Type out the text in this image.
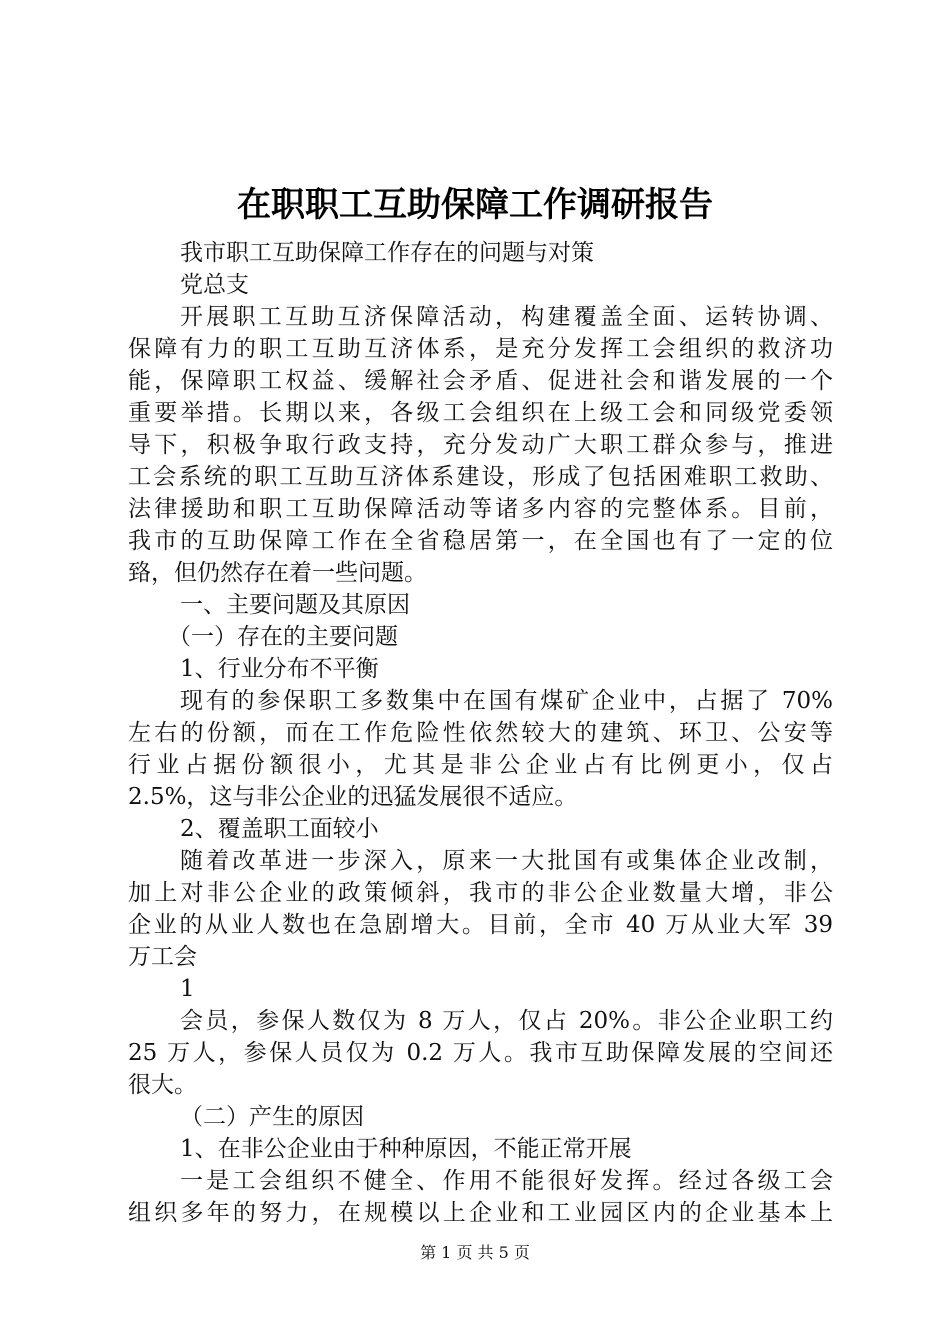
在职职工互助保障工作调研报告

我市职工互助保障工作存在的问题与对策

党总支

开展职工互助互济保障活动，构建覆盖全面、运转协调、

保障有力的职工互助互济体系，是充分发挥工会组织的救济功

能，保障职工权益、缓解社会矛盾、促进社会和谐发展的一个

重要举措。长期以来，各级工会组织在上级工会和同级党委领

导下，积极争取行政支持，充分发动广大职工群众参与，推进

工会系统的职工互助互济体系建设，形成了包括困难职工救助、

法律援助和职工互助保障活动等诸多内容的完整体系。目前，

我市的互助保障工作在全省稳居第一，在全国也有了一定的位

臵，但仍然存在着一些问题。

一、主要问题及其原因

（一）存在的主要问题

1、行业分布不平衡

现有的参保职工多数集中在国有煤矿企业中，占据了 70%

左右的份额，而在工作危险性依然较大的建筑、环卫、公安等

行业占据份额很小，尤其是非公企业占有比例更小，仅占

2.5%，这与非公企业的迅猛发展很不适应。

2、覆盖职工面较小

随着改革进一步深入，原来一大批国有或集体企业改制，

加上对非公企业的政策倾斜，我市的非公企业数量大增，非公

企业的从业人数也在急剧增大。目前，全市 40 万从业大军 39

万工会

1

会员，参保人数仅为 8 万人，仅占 20%。非公企业职工约

25 万人，参保人员仅为 0.2 万人。我市互助保障发展的空间还

很大。

（二）产生的原因

1、在非公企业由于种种原因，不能正常开展

一是工会组织不健全、作用不能很好发挥。经过各级工会

组织多年的努力，在规模以上企业和工业园区内的企业基本上

第 1 页 共 5 页
